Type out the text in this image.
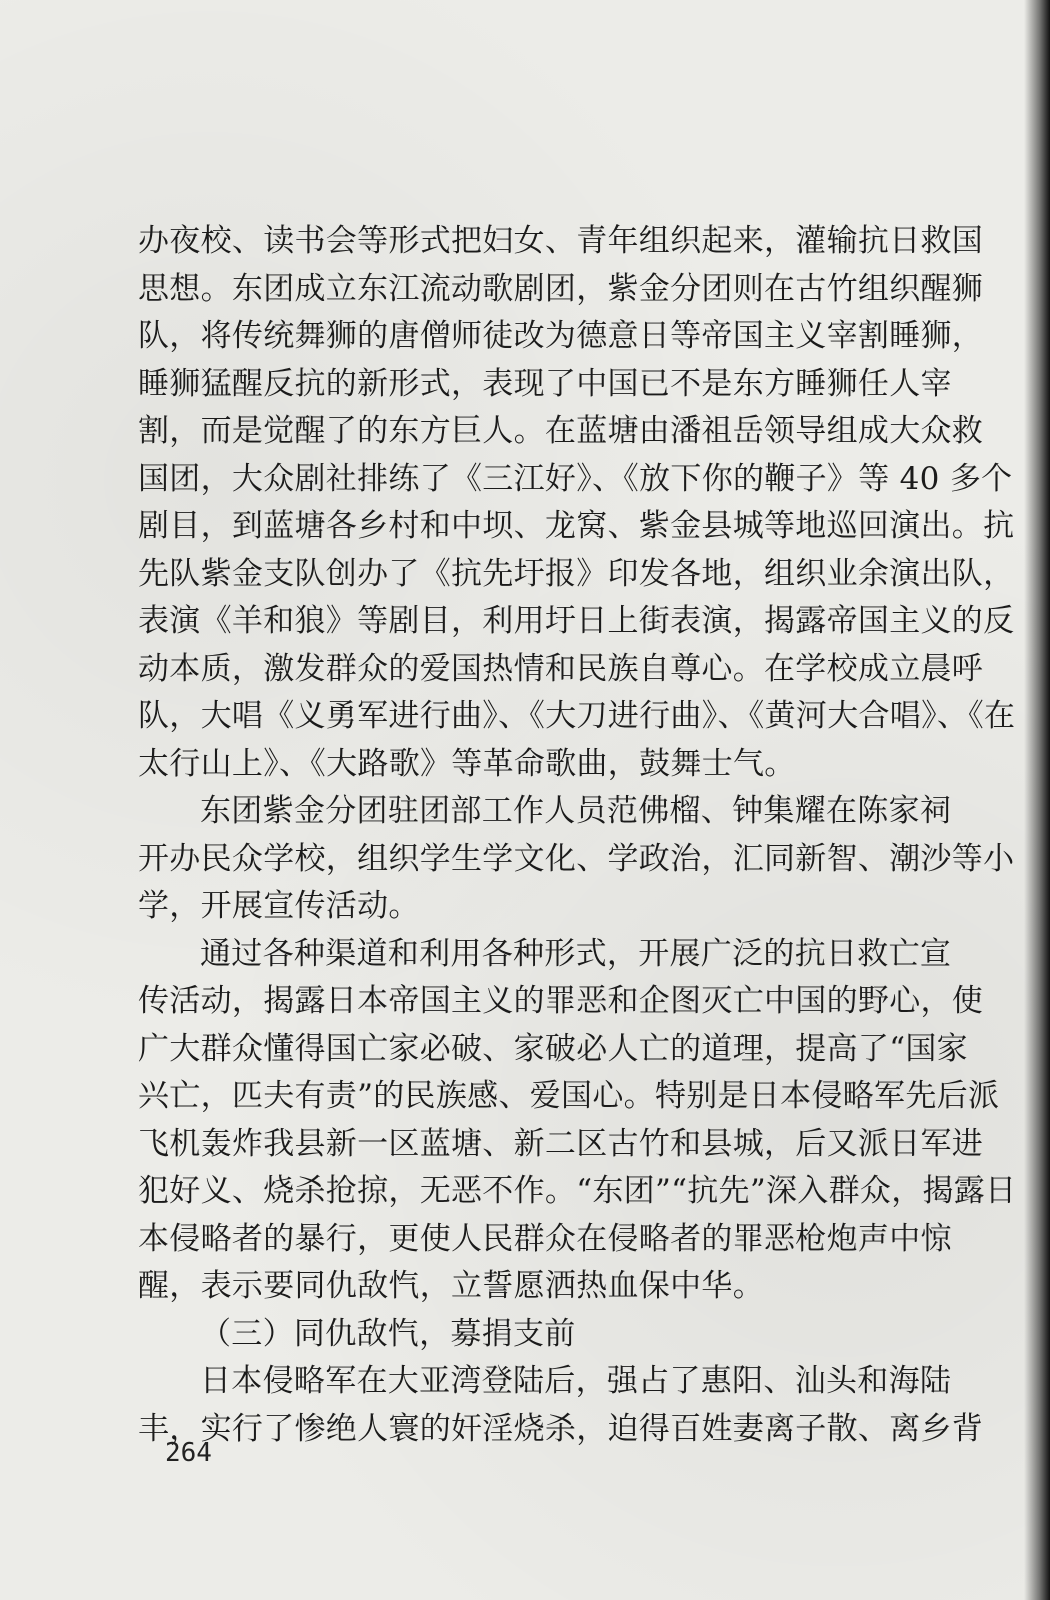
办夜校、读书会等形式把妇女、青年组织起来，灌输抗日救国
思想。东团成立东江流动歌剧团，紫金分团则在古竹组织醒狮
队，将传统舞狮的唐僧师徒改为德意日等帝国主义宰割睡狮，
睡狮猛醒反抗的新形式，表现了中国已不是东方睡狮任人宰
割，而是觉醒了的东方巨人。在蓝塘由潘祖岳领导组成大众救
国团，大众剧社排练了《三江好》、《放下你的鞭子》等 40 多个
剧目，到蓝塘各乡村和中坝、龙窝、紫金县城等地巡回演出。抗
先队紫金支队创办了《抗先圩报》印发各地，组织业余演出队，
表演《羊和狼》等剧目，利用圩日上街表演，揭露帝国主义的反
动本质，激发群众的爱国热情和民族自尊心。在学校成立晨呼
队，大唱《义勇军进行曲》、《大刀进行曲》、《黄河大合唱》、《在
太行山上》、《大路歌》等革命歌曲，鼓舞士气。
东团紫金分团驻团部工作人员范佛榴、钟集耀在陈家祠
开办民众学校，组织学生学文化、学政治，汇同新智、潮沙等小
学，开展宣传活动。
通过各种渠道和利用各种形式，开展广泛的抗日救亡宣
传活动，揭露日本帝国主义的罪恶和企图灭亡中国的野心，使
广大群众懂得国亡家必破、家破必人亡的道理，提高了“国家
兴亡，匹夫有责”的民族感、爱国心。特别是日本侵略军先后派
飞机轰炸我县新一区蓝塘、新二区古竹和县城，后又派日军进
犯好义、烧杀抢掠，无恶不作。“东团”“抗先”深入群众，揭露日
本侵略者的暴行，更使人民群众在侵略者的罪恶枪炮声中惊
醒，表示要同仇敌忾，立誓愿洒热血保中华。
（三）同仇敌忾，募捐支前
日本侵略军在大亚湾登陆后，强占了惠阳、汕头和海陆
丰，实行了惨绝人寰的奸淫烧杀，迫得百姓妻离子散、离乡背
264
